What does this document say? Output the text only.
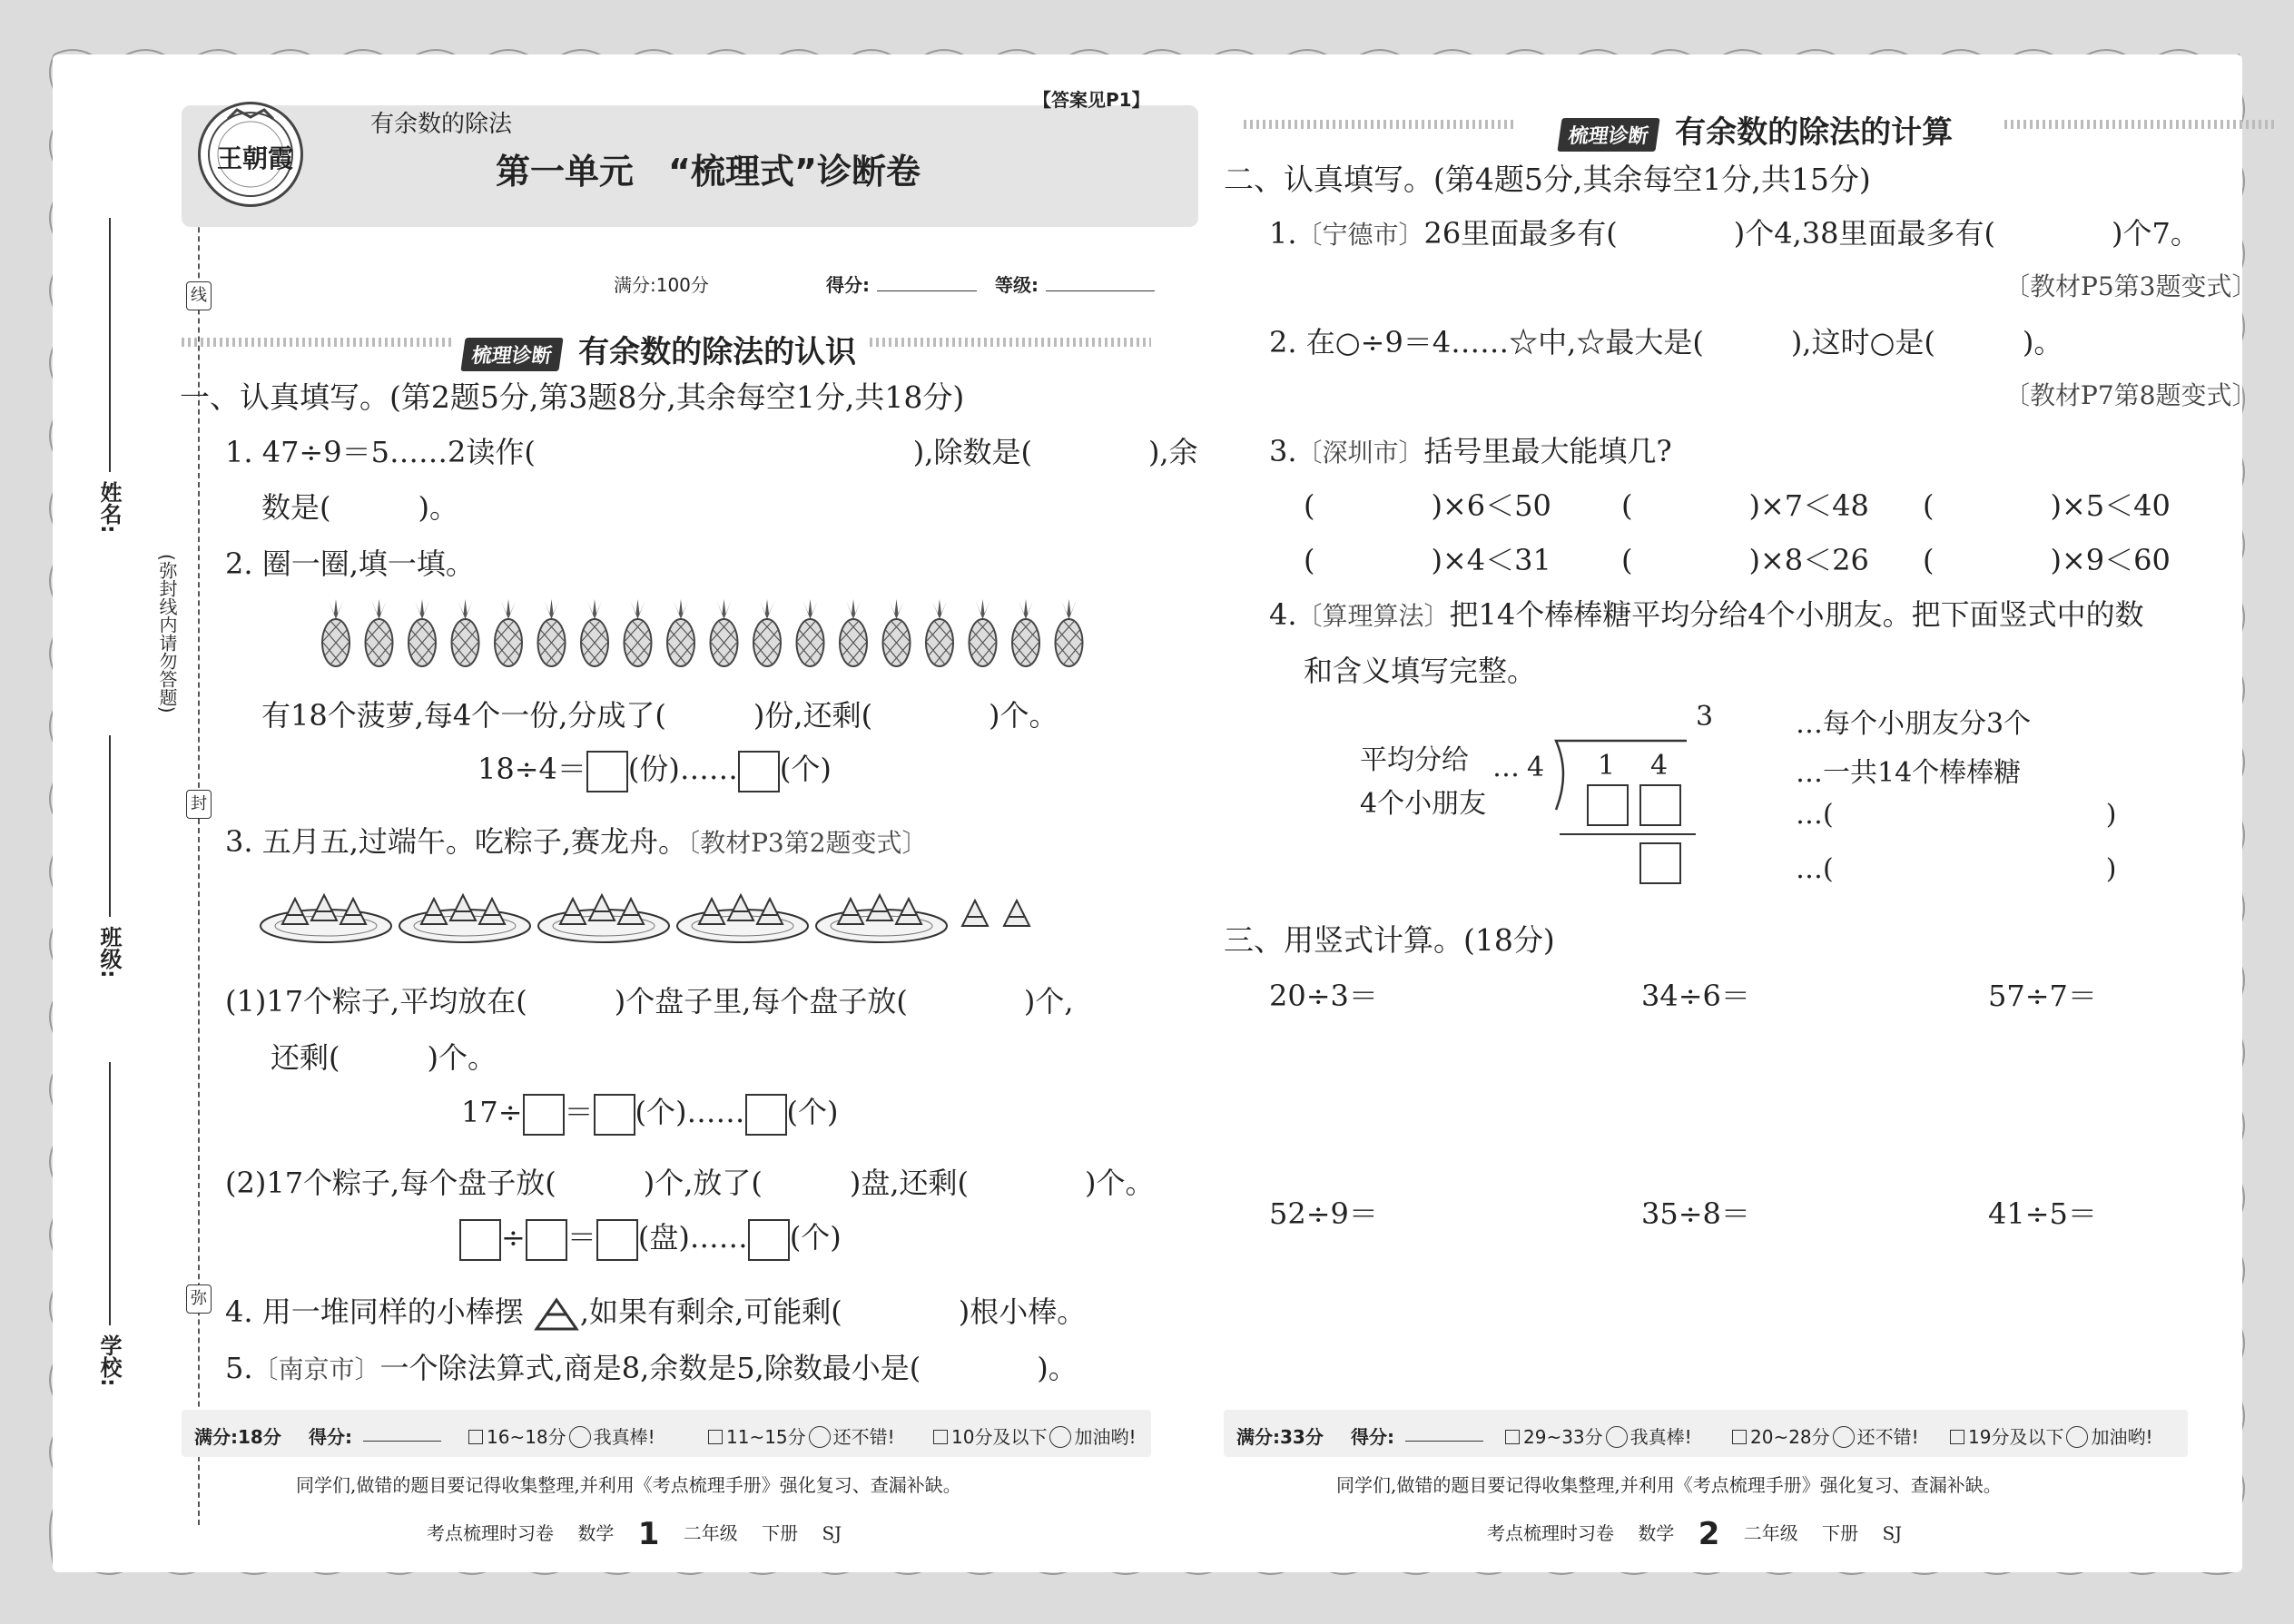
线
封
弥
(弥封线内请勿答题)
姓名:
班级:
学校:
王朝霞
有余数的除法
【答案见P1】
第一单元　“梳理式”诊断卷
满分:100分	得分:	等级:
梳理诊断 有余数的除法的认识
一、认真填写。(第2题5分,第3题8分,其余每空1分,共18分)
1. 47÷9＝5……2读作(　　　　　　　　　　　　　),除数是(　　　　),余
数是(　　　)。
2. 圈一圈,填一填。
有18个菠萝,每4个一份,分成了(　　　)份,还剩(　　　　)个。
18÷4＝ (份)…… (个)
3. 五月五,过端午。吃粽子,赛龙舟。〔教材P3第2题变式〕
(1)17个粽子,平均放在(　　　)个盘子里,每个盘子放(　　　　)个,
还剩(　　　)个。
17÷ ＝ (个)…… (个)
(2)17个粽子,每个盘子放(　　　)个,放了(　　　)盘,还剩(　　　　)个。
÷ ＝ (盘)…… (个)
4. 用一堆同样的小棒摆 ,如果有剩余,可能剩(　　　　)根小棒。
5.〔南京市〕一个除法算式,商是8,余数是5,除数最小是(　　　　)。
满分:18分 得分:	16~18分 我真棒!	11~15分 还不错!	10分及以下 加油哟!
同学们,做错的题目要记得收集整理,并利用《考点梳理手册》强化复习、查漏补缺。
考点梳理时习卷　 数学　 1　 二年级　 下册　 SJ
梳理诊断 有余数的除法的计算
二、认真填写。(第4题5分,其余每空1分,共15分)
1.〔宁德市〕26里面最多有(　　　　)个4,38里面最多有(　　　　)个7。
〔教材P5第3题变式〕
2. 在○÷9＝4……☆中,☆最大是(　　　),这时○是(　　　)。
〔教材P7第8题变式〕
3.〔深圳市〕括号里最大能填几?
(　　　　)×6＜50 (　　　　)×7＜48 (　　　　)×5＜40
(　　　　)×4＜31 (　　　　)×8＜26 (　　　　)×9＜60
4.〔算理算法〕把14个棒棒糖平均分给4个小朋友。把下面竖式中的数
和含义填写完整。
平均分给
4个小朋友
… 4
3
1 4
…每个小朋友分3个
…一共14个棒棒糖
…(　　　　　　　　　　)
…(　　　　　　　　　　)
三、用竖式计算。(18分)
20÷3＝	34÷6＝	57÷7＝
52÷9＝	35÷8＝	41÷5＝
满分:33分 得分:	29~33分 我真棒!	20~28分 还不错!	19分及以下 加油哟!
同学们,做错的题目要记得收集整理,并利用《考点梳理手册》强化复习、查漏补缺。
考点梳理时习卷　 数学　 2　 二年级　 下册　 SJ
